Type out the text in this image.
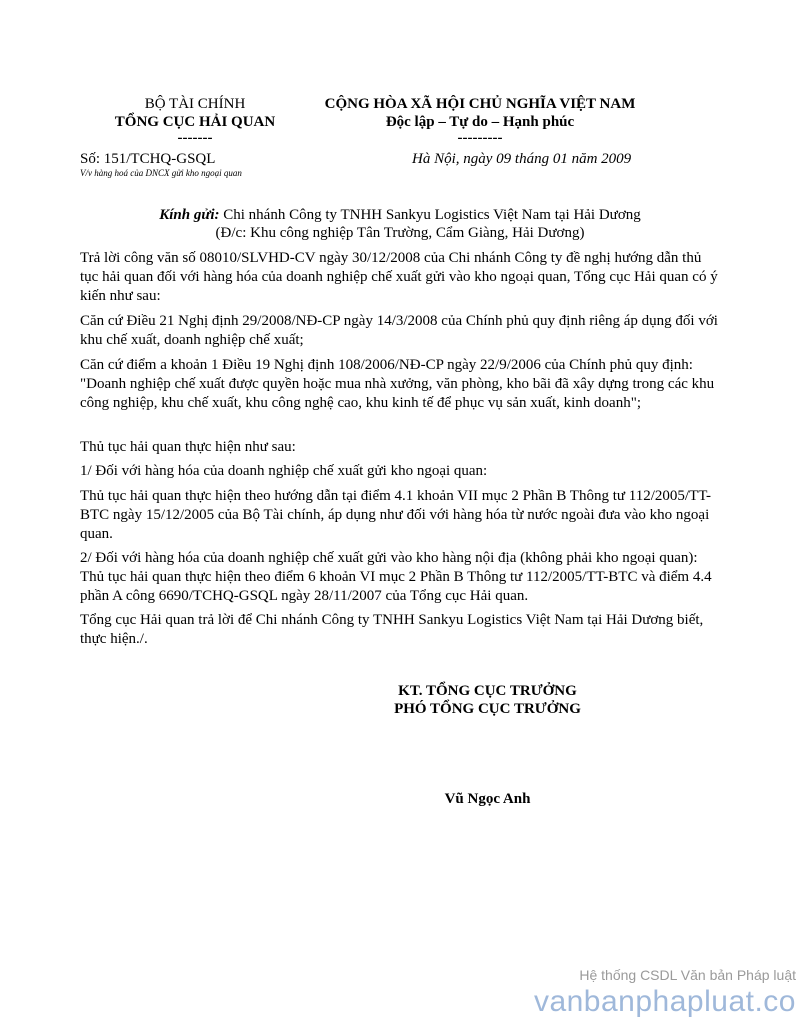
BỘ TÀI CHÍNH
TỔNG CỤC HẢI QUAN
-------
Số: 151/TCHQ-GSQL
V/v hàng hoá của DNCX gửi kho ngoại quan
CỘNG HÒA XÃ HỘI CHỦ NGHĨA VIỆT NAM
Độc lập – Tự do – Hạnh phúc
---------
Hà Nội, ngày 09 tháng 01 năm 2009
Kính gửi: Chi nhánh Công ty TNHH Sankyu Logistics Việt Nam tại Hải Dương
(Đ/c: Khu công nghiệp Tân Trường, Cẩm Giàng, Hải Dương)

Trả lời công văn số 08010/SLVHD-CV ngày 30/12/2008 của Chi nhánh Công ty đề nghị hướng dẫn thủ tục hải quan đối với hàng hóa của doanh nghiệp chế xuất gửi vào kho ngoại quan, Tổng cục Hải quan có ý kiến như sau:

Căn cứ Điều 21 Nghị định 29/2008/NĐ-CP ngày 14/3/2008 của Chính phủ quy định riêng áp dụng đối với khu chế xuất, doanh nghiệp chế xuất;

Căn cứ điểm a khoản 1 Điều 19 Nghị định 108/2006/NĐ-CP ngày 22/9/2006 của Chính phủ quy định: "Doanh nghiệp chế xuất được quyền hoặc mua nhà xưởng, văn phòng, kho bãi đã xây dựng trong các khu công nghiệp, khu chế xuất, khu công nghệ cao, khu kinh tế để phục vụ sản xuất, kinh doanh";

Thủ tục hải quan thực hiện như sau:

1/ Đối với hàng hóa của doanh nghiệp chế xuất gửi kho ngoại quan:

Thủ tục hải quan thực hiện theo hướng dẫn tại điểm 4.1 khoản VII mục 2 Phần B Thông tư 112/2005/TT-BTC ngày 15/12/2005 của Bộ Tài chính, áp dụng như đối với hàng hóa từ nước ngoài đưa vào kho ngoại quan.

2/ Đối với hàng hóa của doanh nghiệp chế xuất gửi vào kho hàng nội địa (không phải kho ngoại quan): Thủ tục hải quan thực hiện theo điểm 6 khoản VI mục 2 Phần B Thông tư 112/2005/TT-BTC và điểm 4.4 phần A công 6690/TCHQ-GSQL ngày 28/11/2007 của Tổng cục Hải quan.

Tổng cục Hải quan trả lời để Chi nhánh Công ty TNHH Sankyu Logistics Việt Nam tại Hải Dương biết, thực hiện./.

KT. TỔNG CỤC TRƯỞNG
PHÓ TỔNG CỤC TRƯỞNG
Vũ Ngọc Anh
Hệ thống CSDL Văn bản Pháp luật
vanbanphapluat.co
